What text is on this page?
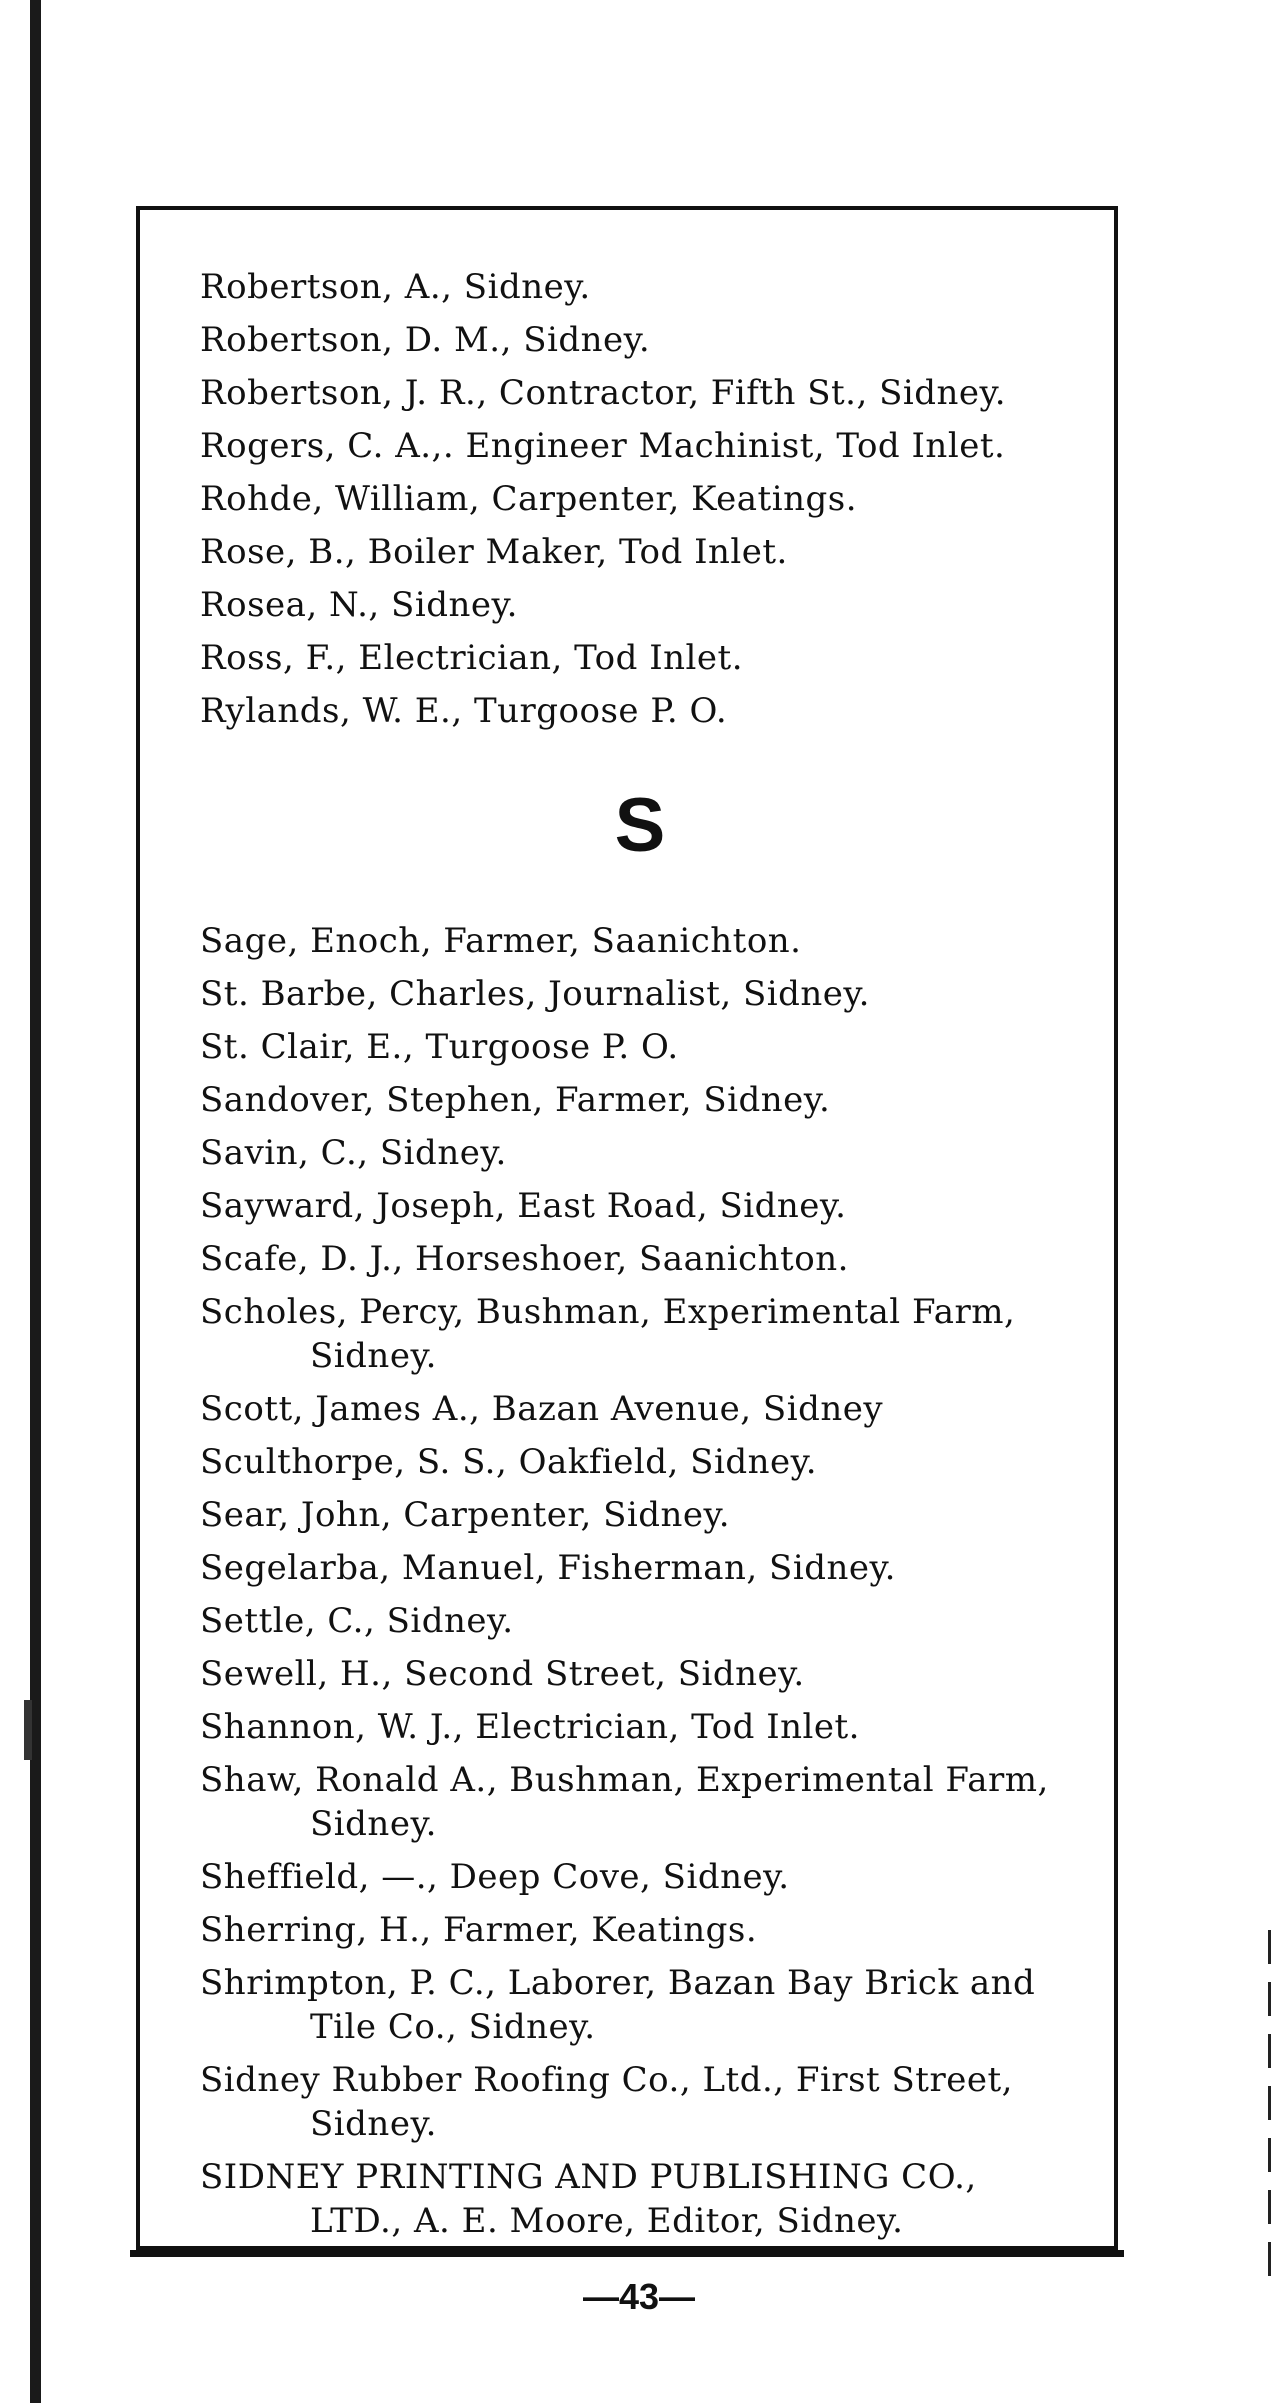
Robertson, A., Sidney.

Robertson, D. M., Sidney.

Robertson, J. R., Contractor, Fifth St., Sidney.

Rogers, C. A.,. Engineer Machinist, Tod Inlet.

Rohde, William, Carpenter, Keatings.

Rose, B., Boiler Maker, Tod Inlet.

Rosea, N., Sidney.

Ross, F., Electrician, Tod Inlet.

Rylands, W. E., Turgoose P. O.

S

Sage, Enoch, Farmer, Saanichton.

St. Barbe, Charles, Journalist, Sidney.

St. Clair, E., Turgoose P. O.

Sandover, Stephen, Farmer, Sidney.

Savin, C., Sidney.

Sayward, Joseph, East Road, Sidney.

Scafe, D. J., Horseshoer, Saanichton.

Scholes, Percy, Bushman, Experimental Farm, Sidney.

Scott, James A., Bazan Avenue, Sidney

Sculthorpe, S. S., Oakfield, Sidney.

Sear, John, Carpenter, Sidney.

Segelarba, Manuel, Fisherman, Sidney.

Settle, C., Sidney.

Sewell, H., Second Street, Sidney.

Shannon, W. J., Electrician, Tod Inlet.

Shaw, Ronald A., Bushman, Experimental Farm, Sidney.

Sheffield, —., Deep Cove, Sidney.

Sherring, H., Farmer, Keatings.

Shrimpton, P. C., Laborer, Bazan Bay Brick and Tile Co., Sidney.

Sidney Rubber Roofing Co., Ltd., First Street, Sidney.

SIDNEY PRINTING AND PUBLISHING CO., LTD., A. E. Moore, Editor, Sidney.

—43—
